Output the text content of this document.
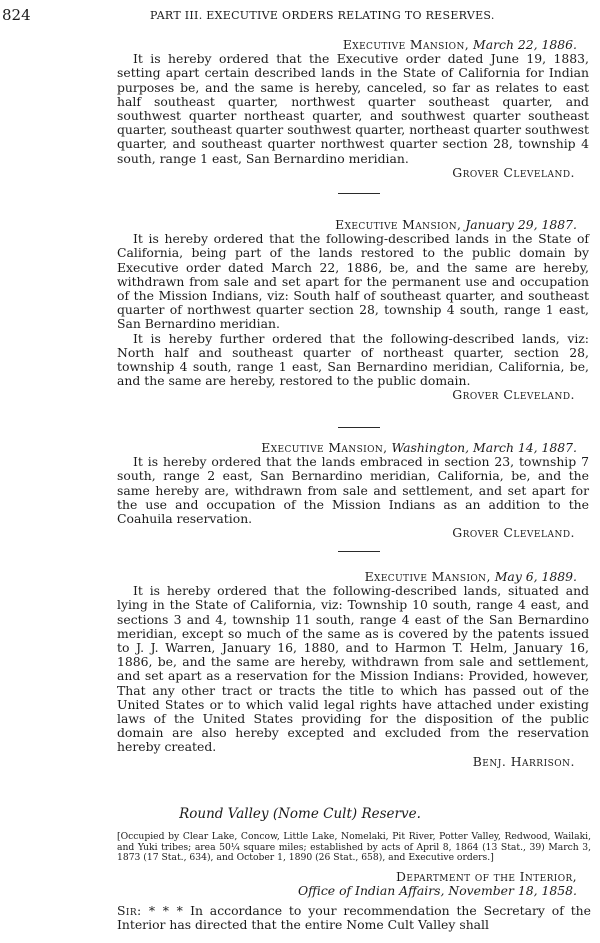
824	PART III. EXECUTIVE ORDERS RELATING TO RESERVES.
Executive Mansion, March 22, 1886.

It is hereby ordered that the Executive order dated June 19, 1883, setting apart certain described lands in the State of California for Indian purposes be, and the same is hereby, canceled, so far as relates to east half southeast quarter, northwest quarter southeast quarter, and southwest quarter northeast quarter, and southwest quarter southeast quarter, southeast quarter southwest quarter, northeast quarter southwest quarter, and southeast quarter northwest quarter section 28, township 4 south, range 1 east, San Bernardino meridian.

Grover Cleveland.
Executive Mansion, January 29, 1887.

It is hereby ordered that the following-described lands in the State of California, being part of the lands restored to the public domain by Executive order dated March 22, 1886, be, and the same are hereby, withdrawn from sale and set apart for the permanent use and occupation of the Mission Indians, viz: South half of southeast quarter, and southeast quarter of northwest quarter section 28, township 4 south, range 1 east, San Bernardino meridian.

It is hereby further ordered that the following-described lands, viz: North half and southeast quarter of northeast quarter, section 28, township 4 south, range 1 east, San Bernardino meridian, California, be, and the same are hereby, restored to the public domain.

Grover Cleveland.
Executive Mansion, Washington, March 14, 1887.

It is hereby ordered that the lands embraced in section 23, township 7 south, range 2 east, San Bernardino meridian, California, be, and the same hereby are, withdrawn from sale and settlement, and set apart for the use and occupation of the Mission Indians as an addition to the Coahuila reservation.

Grover Cleveland.
Executive Mansion, May 6, 1889.

It is hereby ordered that the following-described lands, situated and lying in the State of California, viz: Township 10 south, range 4 east, and sections 3 and 4, township 11 south, range 4 east of the San Bernardino meridian, except so much of the same as is covered by the patents issued to J. J. Warren, January 16, 1880, and to Harmon T. Helm, January 16, 1886, be, and the same are hereby, withdrawn from sale and settlement, and set apart as a reservation for the Mission Indians: Provided, however, That any other tract or tracts the title to which has passed out of the United States or to which valid legal rights have attached under existing laws of the United States providing for the disposition of the public domain are also hereby excepted and excluded from the reservation hereby created.

Benj. Harrison.
Round Valley (Nome Cult) Reserve.
[Occupied by Clear Lake, Concow, Little Lake, Nomelaki, Pit River, Potter Valley, Redwood, Wailaki, and Yuki tribes; area 50¼ square miles; established by acts of April 8, 1864 (13 Stat., 39) March 3, 1873 (17 Stat., 634), and October 1, 1890 (26 Stat., 658), and Executive orders.]
Department of the Interior,
Office of Indian Affairs, November 18, 1858.
Sir: * * * In accordance to your recommendation the Secretary of the Interior has directed that the entire Nome Cult Valley shall
